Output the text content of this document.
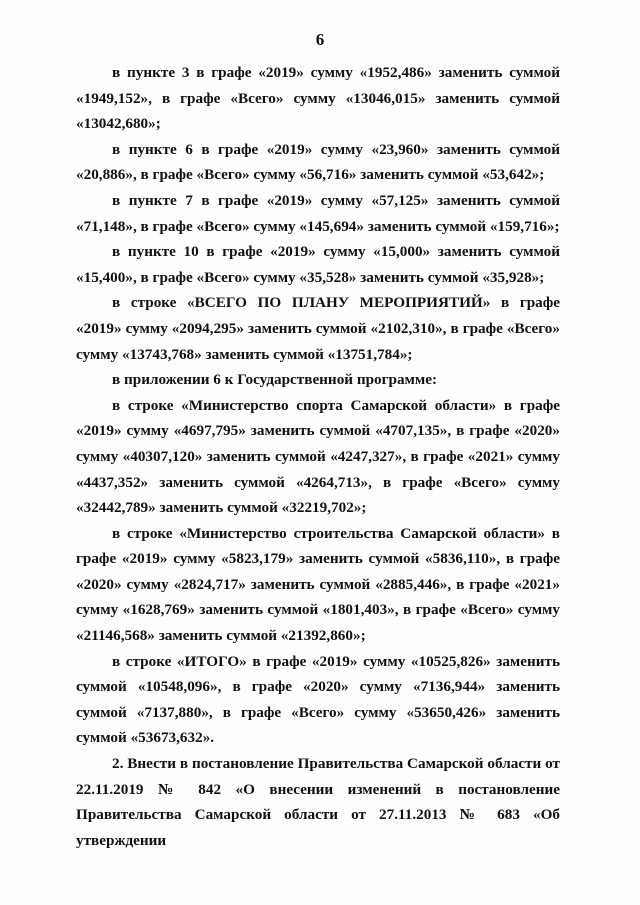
6

в пункте 3 в графе «2019» сумму «1952,486» заменить суммой «1949,152», в графе «Всего» сумму «13046,015» заменить суммой «13042,680»;

в пункте 6 в графе «2019» сумму «23,960» заменить суммой «20,886», в графе «Всего» сумму «56,716» заменить суммой «53,642»;

в пункте 7 в графе «2019» сумму «57,125» заменить суммой «71,148», в графе «Всего» сумму «145,694» заменить суммой «159,716»;

в пункте 10 в графе «2019» сумму «15,000» заменить суммой «15,400», в графе «Всего» сумму «35,528» заменить суммой «35,928»;

в строке «ВСЕГО ПО ПЛАНУ МЕРОПРИЯТИЙ» в графе «2019» сумму «2094,295» заменить суммой «2102,310», в графе «Всего» сумму «13743,768» заменить суммой «13751,784»;

в приложении 6 к Государственной программе:

в строке «Министерство спорта Самарской области» в графе «2019» сумму «4697,795» заменить суммой «4707,135», в графе «2020» сумму «40307,120» заменить суммой «4247,327», в графе «2021» сумму «4437,352» заменить суммой «4264,713», в графе «Всего» сумму «32442,789» заменить суммой «32219,702»;

в строке «Министерство строительства Самарской области» в графе «2019» сумму «5823,179» заменить суммой «5836,110», в графе «2020» сумму «2824,717» заменить суммой «2885,446», в графе «2021» сумму «1628,769» заменить суммой «1801,403», в графе «Всего» сумму «21146,568» заменить суммой «21392,860»;

в строке «ИТОГО» в графе «2019» сумму «10525,826» заменить суммой «10548,096», в графе «2020» сумму «7136,944» заменить суммой «7137,880», в графе «Всего» сумму «53650,426» заменить суммой «53673,632».

2. Внести в постановление Правительства Самарской области от 22.11.2019 № 842 «О внесении изменений в постановление Правительства Самарской области от 27.11.2013 № 683 «Об утверждении
